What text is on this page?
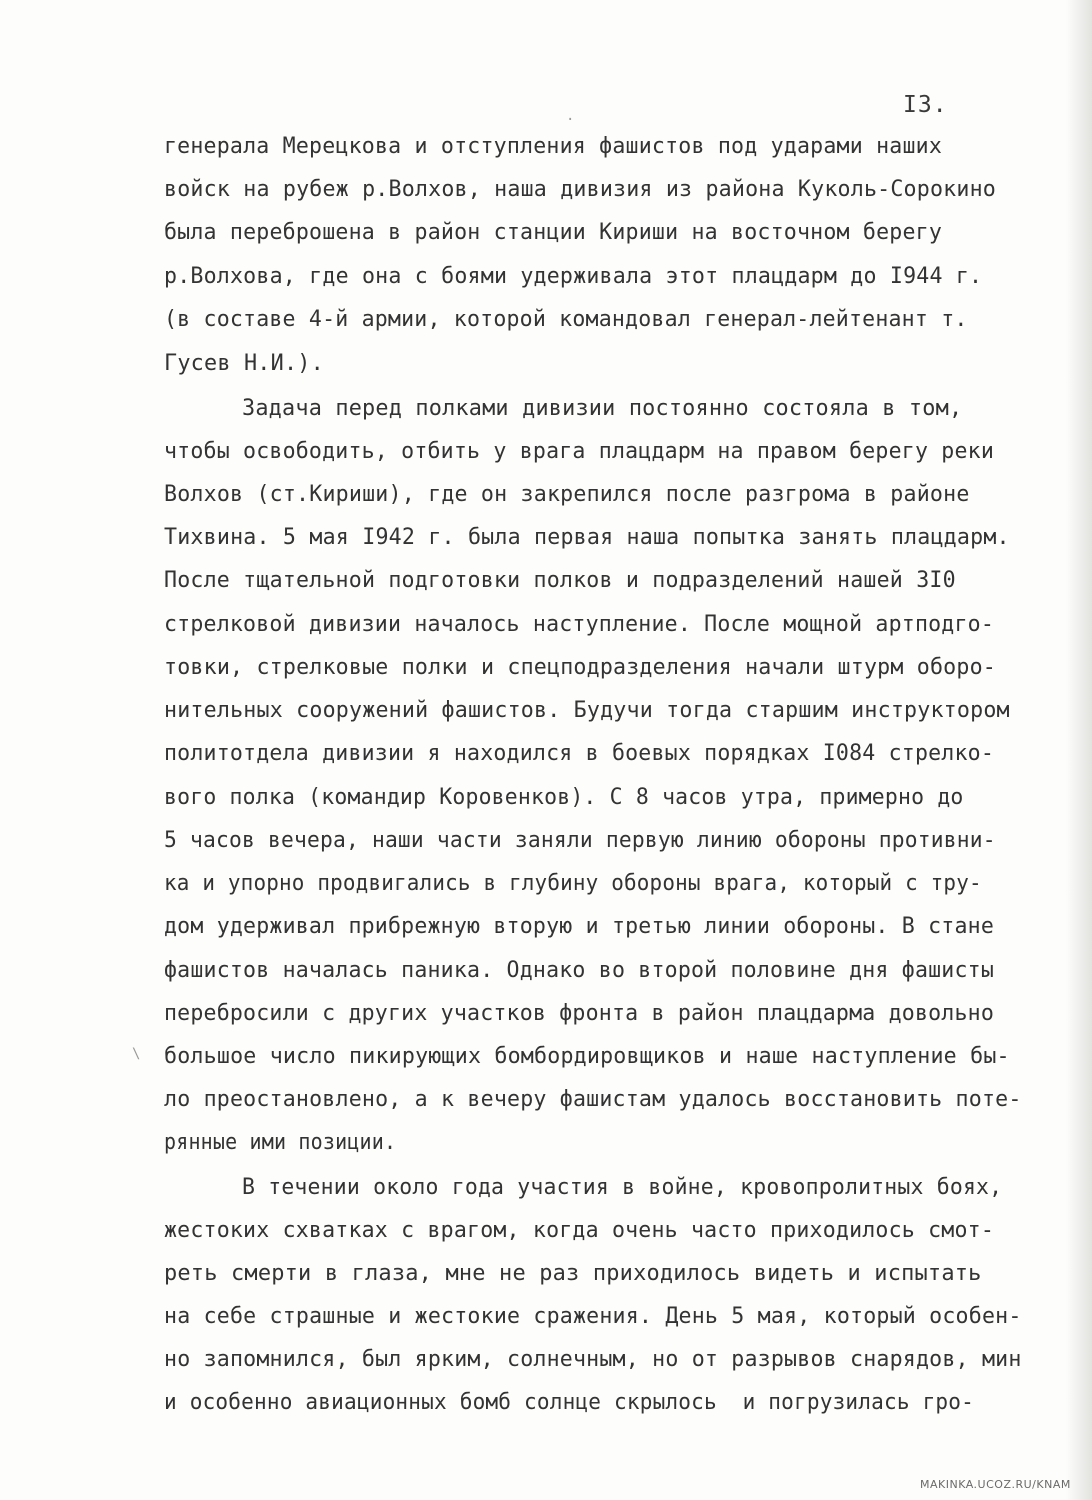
I3.
генерала Мерецкова и отступления фашистов под ударами наших
войск на рубеж р.Волхов, наша дивизия из района Куколь-Сорокино
была переброшена в район станции Кириши на восточном берегу
р.Волхова, где она с боями удерживала этот плацдарм до I944 г.
(в составе 4-й армии, которой командовал генерал-лейтенант т.
Гусев Н.И.).
Задача перед полками дивизии постоянно состояла в том,
чтобы освободить, отбить у врага плацдарм на правом берегу реки
Волхов (ст.Кириши), где он закрепился после разгрома в районе
Тихвина. 5 мая I942 г. была первая наша попытка занять плацдарм.
После тщательной подготовки полков и подразделений нашей 3I0
стрелковой дивизии началось наступление. После мощной артподго-
товки, стрелковые полки и спецподразделения начали штурм оборо-
нительных сооружений фашистов. Будучи тогда старшим инструктором
политотдела дивизии я находился в боевых порядках I084 стрелко-
вого полка (командир Коровенков). С 8 часов утра, примерно до
5 часов вечера, наши части заняли первую линию обороны противни-
ка и упорно продвигались в глубину обороны врага, который с тру-
дом удерживал прибрежную вторую и третью линии обороны. В стане
фашистов началась паника. Однако во второй половине дня фашисты
перебросили с других участков фронта в район плацдарма довольно
большое число пикирующих бомбордировщиков и наше наступление бы-
ло преостановлено, а к вечеру фашистам удалось восстановить поте-
рянные ими позиции.
В течении около года участия в войне, кровопролитных боях,
жестоких схватках с врагом, когда очень часто приходилось смот-
реть смерти в глаза, мне не раз приходилось видеть и испытать
на себе страшные и жестокие сражения. День 5 мая, который особен-
но запомнился, был ярким, солнечным, но от разрывов снарядов, мин
и особенно авиационных бомб солнце скрылось  и погрузилась гро-
·
\
MAKINKA.UCOZ.RU/KNAM
